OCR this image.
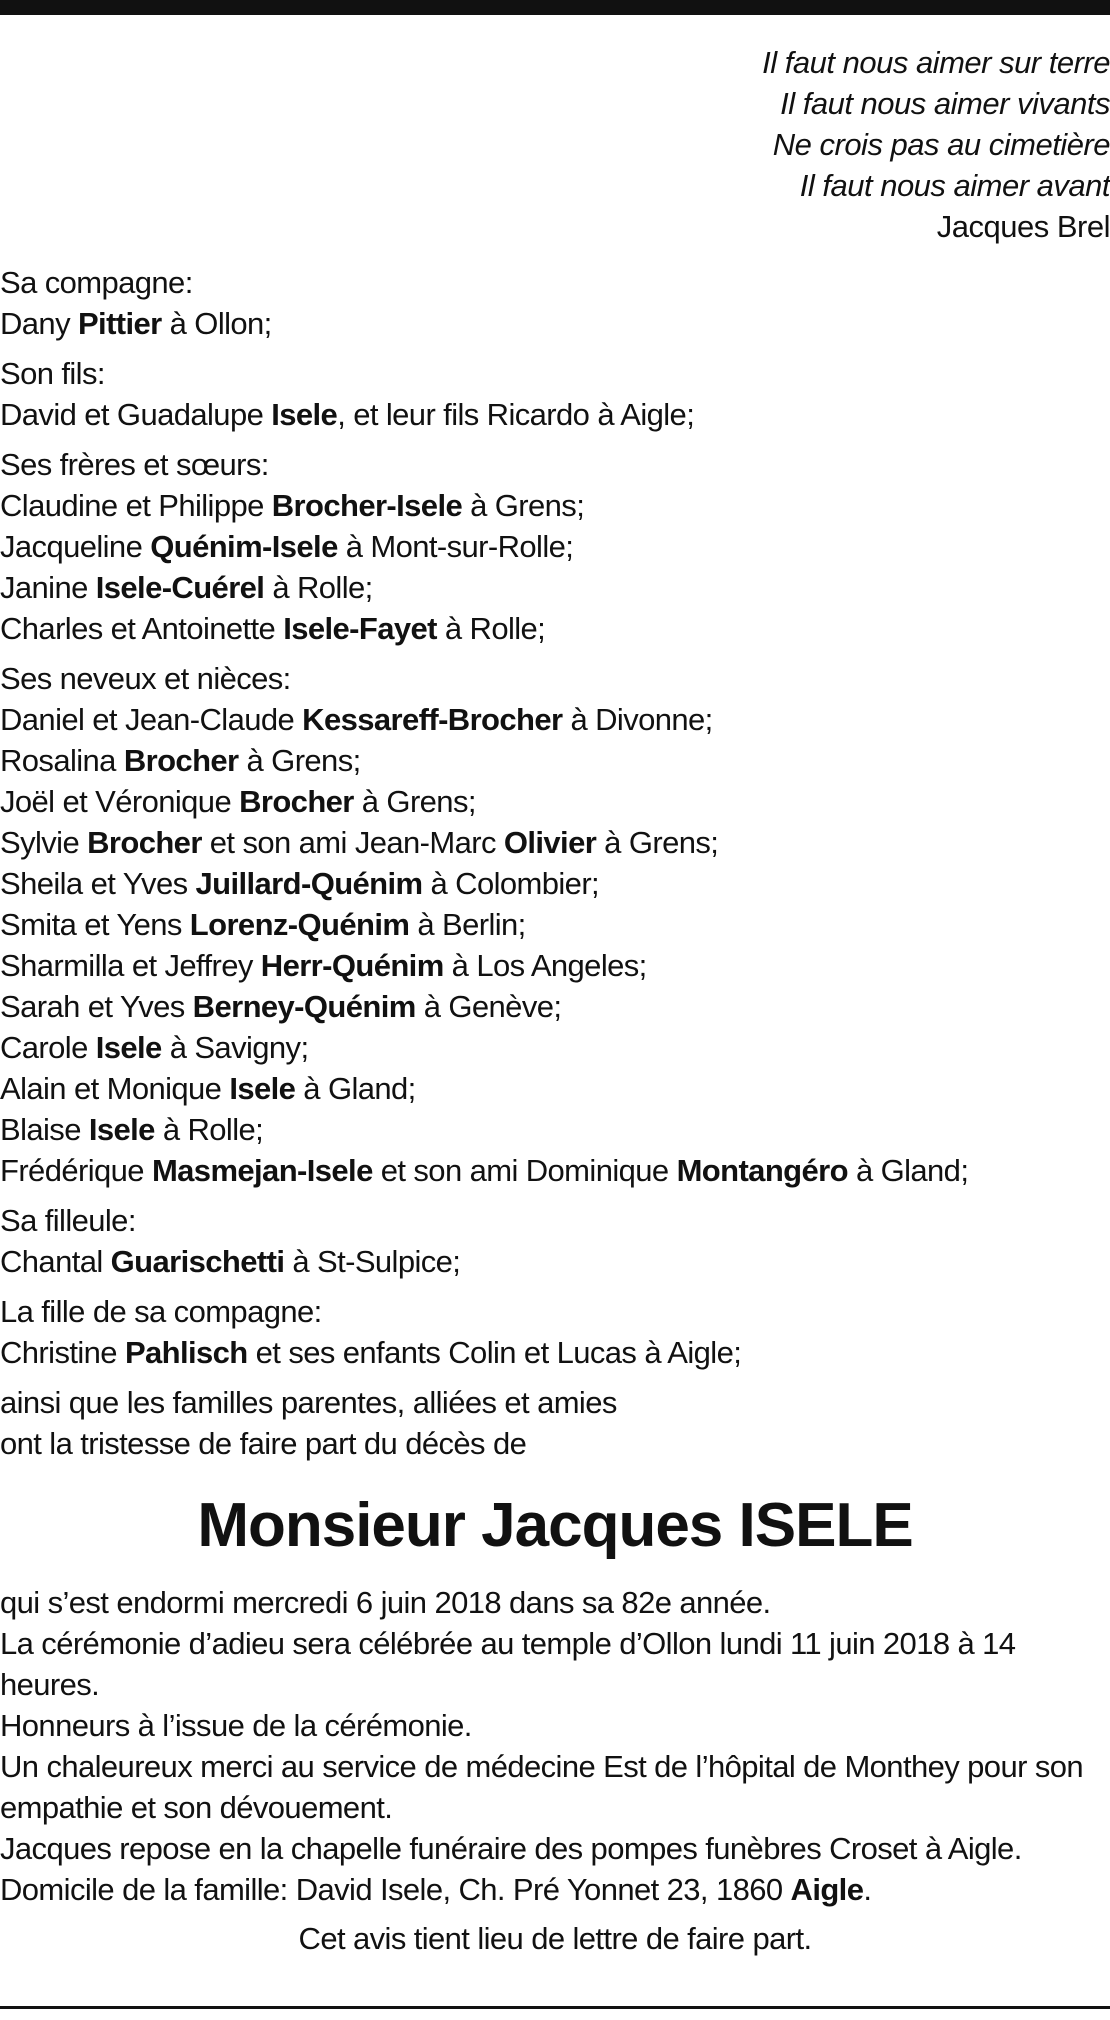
Il faut nous aimer sur terre
Il faut nous aimer vivants
Ne crois pas au cimetière
Il faut nous aimer avant
Jacques Brel
Sa compagne:
Dany Pittier à Ollon;
Son fils:
David et Guadalupe Isele, et leur fils Ricardo à Aigle;
Ses frères et sœurs:
Claudine et Philippe Brocher-Isele à Grens;
Jacqueline Quénim-Isele à Mont-sur-Rolle;
Janine Isele-Cuérel à Rolle;
Charles et Antoinette Isele-Fayet à Rolle;
Ses neveux et nièces:
Daniel et Jean-Claude Kessareff-Brocher à Divonne;
Rosalina Brocher à Grens;
Joël et Véronique Brocher à Grens;
Sylvie Brocher et son ami Jean-Marc Olivier à Grens;
Sheila et Yves Juillard-Quénim à Colombier;
Smita et Yens Lorenz-Quénim à Berlin;
Sharmilla et Jeffrey Herr-Quénim à Los Angeles;
Sarah et Yves Berney-Quénim à Genève;
Carole Isele à Savigny;
Alain et Monique Isele à Gland;
Blaise Isele à Rolle;
Frédérique Masmejan-Isele et son ami Dominique Montangéro à Gland;
Sa filleule:
Chantal Guarischetti à St-Sulpice;
La fille de sa compagne:
Christine Pahlisch et ses enfants Colin et Lucas à Aigle;
ainsi que les familles parentes, alliées et amies
ont la tristesse de faire part du décès de
Monsieur Jacques ISELE
qui s’est endormi mercredi 6 juin 2018 dans sa 82e année.
La cérémonie d’adieu sera célébrée au temple d’Ollon lundi 11 juin 2018 à 14 heures.
Honneurs à l’issue de la cérémonie.
Un chaleureux merci au service de médecine Est de l’hôpital de Monthey pour son empathie et son dévouement.
Jacques repose en la chapelle funéraire des pompes funèbres Croset à Aigle.
Domicile de la famille: David Isele, Ch. Pré Yonnet 23, 1860 Aigle.
Cet avis tient lieu de lettre de faire part.
